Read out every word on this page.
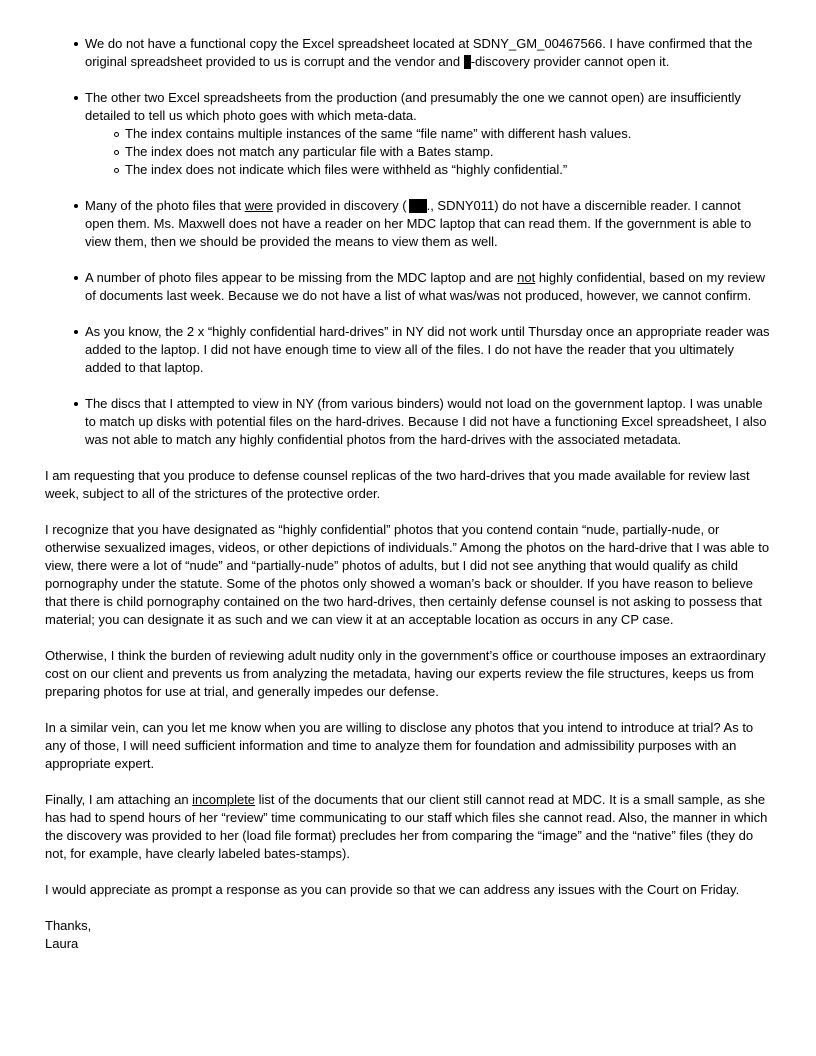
We do not have a functional copy the Excel spreadsheet located at SDNY_GM_00467566. I have confirmed that the original spreadsheet provided to us is corrupt and the vendor and -discovery provider cannot open it.
The other two Excel spreadsheets from the production (and presumably the one we cannot open) are insufficiently detailed to tell us which photo goes with which meta-data.
The index contains multiple instances of the same “file name” with different hash values.
The index does not match any particular file with a Bates stamp.
The index does not indicate which files were withheld as “highly confidential.”
Many of the photo files that were provided in discovery ( ., SDNY011) do not have a discernible reader. I cannot open them. Ms. Maxwell does not have a reader on her MDC laptop that can read them. If the government is able to view them, then we should be provided the means to view them as well.
A number of photo files appear to be missing from the MDC laptop and are not highly confidential, based on my review of documents last week. Because we do not have a list of what was/was not produced, however, we cannot confirm.
As you know, the 2 x “highly confidential hard-drives” in NY did not work until Thursday once an appropriate reader was added to the laptop. I did not have enough time to view all of the files. I do not have the reader that you ultimately added to that laptop.
The discs that I attempted to view in NY (from various binders) would not load on the government laptop. I was unable to match up disks with potential files on the hard-drives. Because I did not have a functioning Excel spreadsheet, I also was not able to match any highly confidential photos from the hard-drives with the associated metadata.

I am requesting that you produce to defense counsel replicas of the two hard-drives that you made available for review last week, subject to all of the strictures of the protective order.

I recognize that you have designated as “highly confidential” photos that you contend contain “nude, partially-nude, or otherwise sexualized images, videos, or other depictions of individuals.” Among the photos on the hard-drive that I was able to view, there were a lot of “nude” and “partially-nude” photos of adults, but I did not see anything that would qualify as child pornography under the statute. Some of the photos only showed a woman’s back or shoulder. If you have reason to believe that there is child pornography contained on the two hard-drives, then certainly defense counsel is not asking to possess that material; you can designate it as such and we can view it at an acceptable location as occurs in any CP case.

Otherwise, I think the burden of reviewing adult nudity only in the government’s office or courthouse imposes an extraordinary cost on our client and prevents us from analyzing the metadata, having our experts review the file structures, keeps us from preparing photos for use at trial, and generally impedes our defense.

In a similar vein, can you let me know when you are willing to disclose any photos that you intend to introduce at trial? As to any of those, I will need sufficient information and time to analyze them for foundation and admissibility purposes with an appropriate expert.

Finally, I am attaching an incomplete list of the documents that our client still cannot read at MDC. It is a small sample, as she has had to spend hours of her “review” time communicating to our staff which files she cannot read. Also, the manner in which the discovery was provided to her (load file format) precludes her from comparing the “image” and the “native” files (they do not, for example, have clearly labeled bates-stamps).

I would appreciate as prompt a response as you can provide so that we can address any issues with the Court on Friday.

Thanks,

Laura
